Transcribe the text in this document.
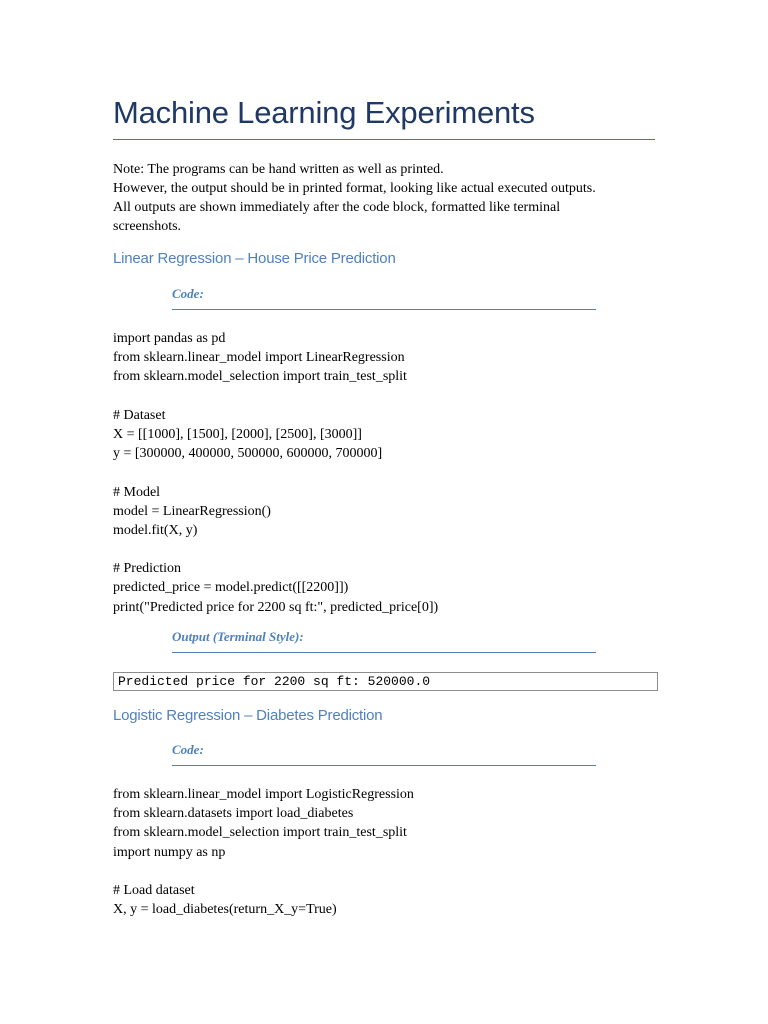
Machine Learning Experiments
Note: The programs can be hand written as well as printed.
However, the output should be in printed format, looking like actual executed outputs.
All outputs are shown immediately after the code block, formatted like terminal
screenshots.
Linear Regression – House Price Prediction
Code:
import pandas as pd
from sklearn.linear_model import LinearRegression
from sklearn.model_selection import train_test_split
# Dataset
X = [[1000], [1500], [2000], [2500], [3000]]
y = [300000, 400000, 500000, 600000, 700000]
# Model
model = LinearRegression()
model.fit(X, y)
# Prediction
predicted_price = model.predict([[2200]])
print("Predicted price for 2200 sq ft:", predicted_price[0])
Output (Terminal Style):
Predicted price for 2200 sq ft: 520000.0
Logistic Regression – Diabetes Prediction
Code:
from sklearn.linear_model import LogisticRegression
from sklearn.datasets import load_diabetes
from sklearn.model_selection import train_test_split
import numpy as np
# Load dataset
X, y = load_diabetes(return_X_y=True)
